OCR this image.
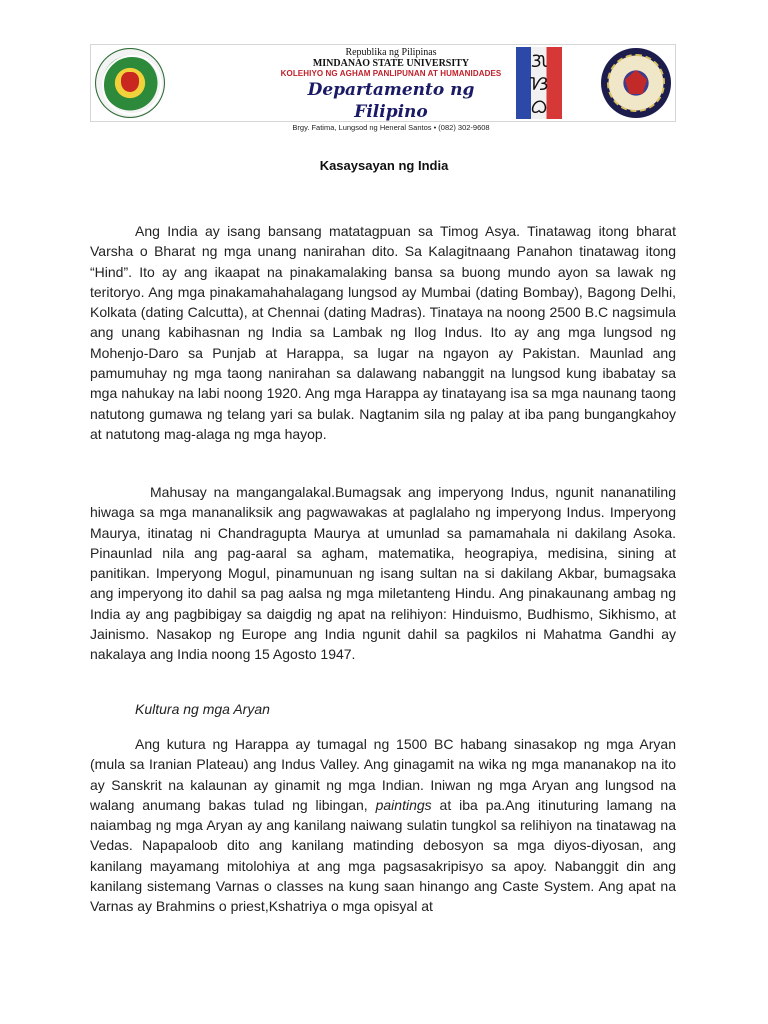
Republika ng Pilipinas
MINDANAO STATE UNIVERSITY
KOLEHIYO NG AGHAM PANLIPUNAN AT HUMANIDADES
Departamento ng Filipino
Brgy. Fatima, Lungsod ng Heneral Santos • (082) 302-9608
ᜄ
ᜐ
ᜊ
Kasaysayan ng India

Ang India ay isang bansang matatagpuan sa Timog Asya. Tinatawag itong bharat Varsha o Bharat ng mga unang nanirahan dito. Sa Kalagitnaang Panahon tinatawag itong “Hind”. Ito ay ang ikaapat na pinakamalaking bansa sa buong mundo ayon sa lawak ng teritoryo. Ang mga pinakamahahalagang lungsod ay Mumbai (dating Bombay), Bagong Delhi, Kolkata (dating Calcutta), at Chennai (dating Madras). Tinataya na noong 2500 B.C nagsimula ang unang kabihasnan ng India sa Lambak ng Ilog Indus. Ito ay ang mga lungsod ng Mohenjo-Daro sa Punjab at Harappa, sa lugar na ngayon ay Pakistan. Maunlad ang pamumuhay ng mga taong nanirahan sa dalawang nabanggit na lungsod kung ibabatay sa mga nahukay na labi noong 1920. Ang mga Harappa ay tinatayang isa sa mga naunang taong natutong gumawa ng telang yari sa bulak. Nagtanim sila ng palay at iba pang bungangkahoy at natutong mag-alaga ng mga hayop.

Mahusay na mangangalakal.Bumagsak ang imperyong Indus, ngunit nananatiling hiwaga sa mga mananaliksik ang pagwawakas at paglalaho ng imperyong Indus. Imperyong Maurya, itinatag ni Chandragupta Maurya at umunlad sa pamamahala ni dakilang Asoka. Pinaunlad nila ang pag-aaral sa agham, matematika, heograpiya, medisina, sining at panitikan. Imperyong Mogul, pinamunuan ng isang sultan na si dakilang Akbar, bumagsaka ang imperyong ito dahil sa pag aalsa ng mga miletanteng Hindu. Ang pinakaunang ambag ng India ay ang pagbibigay sa daigdig ng apat na relihiyon: Hinduismo, Budhismo, Sikhismo, at Jainismo. Nasakop ng Europe ang India ngunit dahil sa pagkilos ni Mahatma Gandhi ay nakalaya ang India noong 15 Agosto 1947.

Kultura ng mga Aryan

Ang kutura ng Harappa ay tumagal ng 1500 BC habang sinasakop ng mga Aryan (mula sa Iranian Plateau) ang Indus Valley. Ang ginagamit na wika ng mga mananakop na ito ay Sanskrit na kalaunan ay ginamit ng mga Indian. Iniwan ng mga Aryan ang lungsod na walang anumang bakas tulad ng libingan, paintings at iba pa.Ang itinuturing lamang na naiambag ng mga Aryan ay ang kanilang naiwang sulatin tungkol sa relihiyon na tinatawag na Vedas. Napapaloob dito ang kanilang matinding debosyon sa mga diyos-diyosan, ang kanilang mayamang mitolohiya at ang mga pagsasakripisyo sa apoy. Nabanggit din ang kanilang sistemang Varnas o classes na kung saan hinango ang Caste System. Ang apat na Varnas ay Brahmins o priest,Kshatriya o mga opisyal at
